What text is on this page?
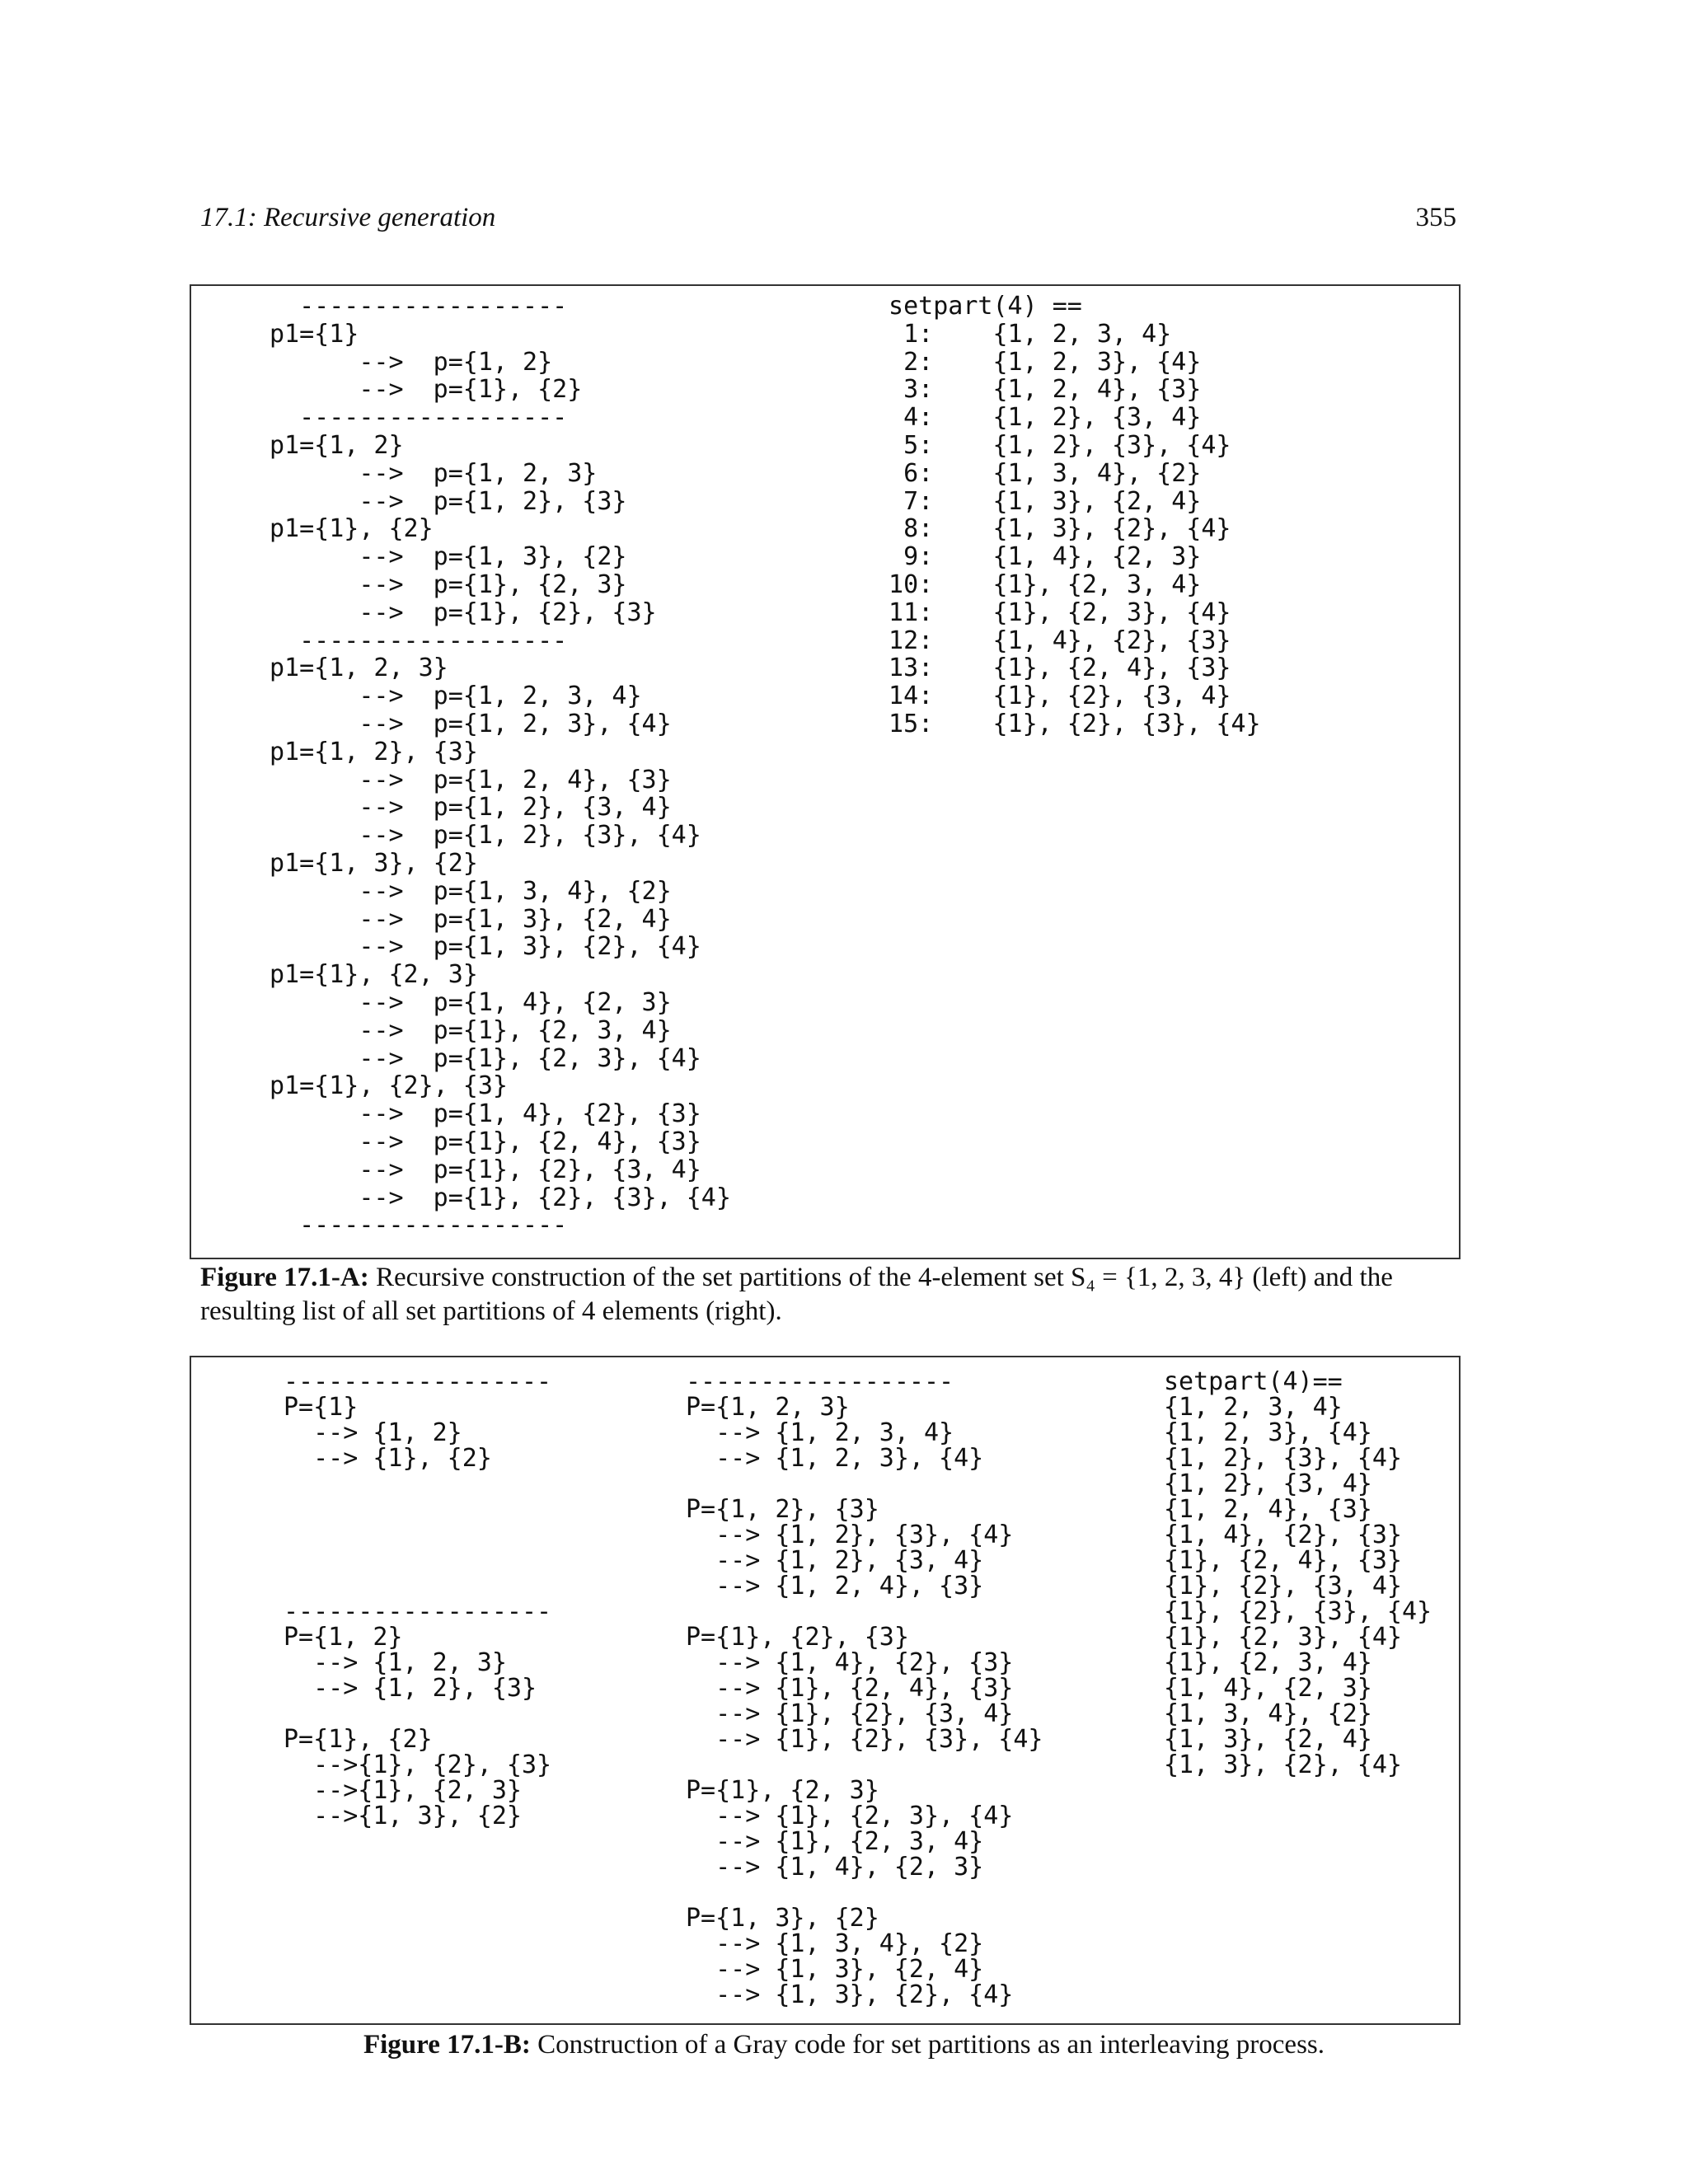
17.1: Recursive generation	355
------------------
p1={1}
-->  p={1, 2}
-->  p={1}, {2}
------------------
p1={1, 2}
-->  p={1, 2, 3}
-->  p={1, 2}, {3}
p1={1}, {2}
-->  p={1, 3}, {2}
-->  p={1}, {2, 3}
-->  p={1}, {2}, {3}
------------------
p1={1, 2, 3}
-->  p={1, 2, 3, 4}
-->  p={1, 2, 3}, {4}
p1={1, 2}, {3}
-->  p={1, 2, 4}, {3}
-->  p={1, 2}, {3, 4}
-->  p={1, 2}, {3}, {4}
p1={1, 3}, {2}
-->  p={1, 3, 4}, {2}
-->  p={1, 3}, {2, 4}
-->  p={1, 3}, {2}, {4}
p1={1}, {2, 3}
-->  p={1, 4}, {2, 3}
-->  p={1}, {2, 3, 4}
-->  p={1}, {2, 3}, {4}
p1={1}, {2}, {3}
-->  p={1, 4}, {2}, {3}
-->  p={1}, {2, 4}, {3}
-->  p={1}, {2}, {3, 4}
-->  p={1}, {2}, {3}, {4}
------------------
setpart(4) ==
1:    {1, 2, 3, 4}
2:    {1, 2, 3}, {4}
3:    {1, 2, 4}, {3}
4:    {1, 2}, {3, 4}
5:    {1, 2}, {3}, {4}
6:    {1, 3, 4}, {2}
7:    {1, 3}, {2, 4}
8:    {1, 3}, {2}, {4}
9:    {1, 4}, {2, 3}
10:    {1}, {2, 3, 4}
11:    {1}, {2, 3}, {4}
12:    {1, 4}, {2}, {3}
13:    {1}, {2, 4}, {3}
14:    {1}, {2}, {3, 4}
15:    {1}, {2}, {3}, {4}
Figure 17.1-A: Recursive construction of the set partitions of the 4-element set S₄ = {1, 2, 3, 4} (left) and the resulting list of all set partitions of 4 elements (right).
------------------
P={1}
--> {1, 2}
--> {1}, {2}

------------------
P={1, 2}
--> {1, 2, 3}
--> {1, 2}, {3}

P={1}, {2}
-->{1}, {2}, {3}
-->{1}, {2, 3}
-->{1, 3}, {2}
------------------
P={1, 2, 3}
--> {1, 2, 3, 4}
--> {1, 2, 3}, {4}

P={1, 2}, {3}
--> {1, 2}, {3}, {4}
--> {1, 2}, {3, 4}
--> {1, 2, 4}, {3}

P={1}, {2}, {3}
--> {1, 4}, {2}, {3}
--> {1}, {2, 4}, {3}
--> {1}, {2}, {3, 4}
--> {1}, {2}, {3}, {4}

P={1}, {2, 3}
--> {1}, {2, 3}, {4}
--> {1}, {2, 3, 4}
--> {1, 4}, {2, 3}

P={1, 3}, {2}
--> {1, 3, 4}, {2}
--> {1, 3}, {2, 4}
--> {1, 3}, {2}, {4}
setpart(4)==
{1, 2, 3, 4}
{1, 2, 3}, {4}
{1, 2}, {3}, {4}
{1, 2}, {3, 4}
{1, 2, 4}, {3}
{1, 4}, {2}, {3}
{1}, {2, 4}, {3}
{1}, {2}, {3, 4}
{1}, {2}, {3}, {4}
{1}, {2, 3}, {4}
{1}, {2, 3, 4}
{1, 4}, {2, 3}
{1, 3, 4}, {2}
{1, 3}, {2, 4}
{1, 3}, {2}, {4}
Figure 17.1-B: Construction of a Gray code for set partitions as an interleaving process.
